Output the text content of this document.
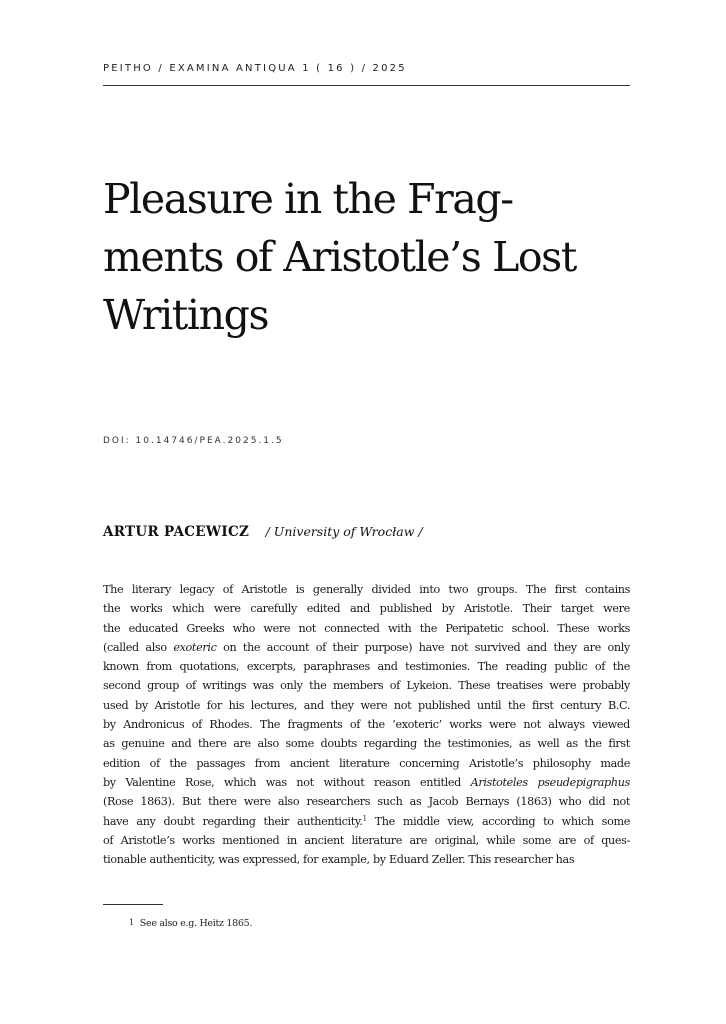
PEITHO / EXAMINA ANTIQUA 1 ( 16 ) / 2025
Pleasure in the Frag-
ments of Aristotle’s Lost
Writings
DOI: 10.14746/PEA.2025.1.5
ARTUR PACEWICZ / University of Wrocław /
The literary legacy of Aristotle is generally divided into two groups. The first contains
the works which were carefully edited and published by Aristotle. Their target were
the educated Greeks who were not connected with the Peripatetic school. These works
(called also exoteric on the account of their purpose) have not survived and they are only
known from quotations, excerpts, paraphrases and testimonies. The reading public of the
second group of writings was only the members of Lykeion. These treatises were probably
used by Aristotle for his lectures, and they were not published until the first century B.C.
by Andronicus of Rhodes. The fragments of the ‘exoteric’ works were not always viewed
as genuine and there are also some doubts regarding the testimonies, as well as the first
edition of the passages from ancient literature concerning Aristotle’s philosophy made
by Valentine Rose, which was not without reason entitled Aristoteles pseudepigraphus
(Rose 1863). But there were also researchers such as Jacob Bernays (1863) who did not
have any doubt regarding their authenticity.$^1$ The middle view, according to which some
of Aristotle’s works mentioned in ancient literature are original, while some are of ques-
tionable authenticity, was expressed, for example, by Eduard Zeller. This researcher has
1 See also e.g. Heitz 1865.
